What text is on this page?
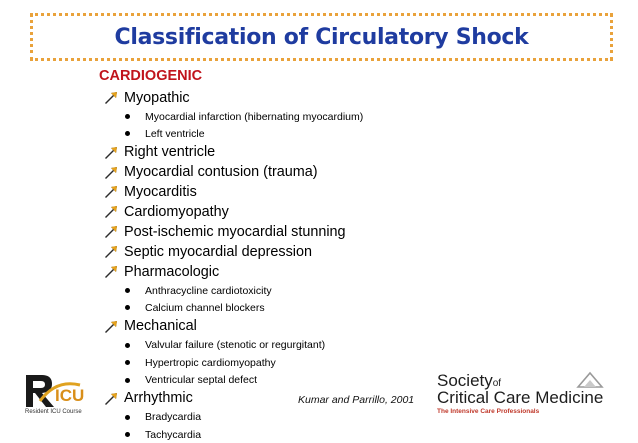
Classification of Circulatory Shock
CARDIOGENIC
Myopathic
Myocardial infarction (hibernating myocardium)
Left ventricle
Right ventricle
Myocardial contusion (trauma)
Myocarditis
Cardiomyopathy
Post-ischemic myocardial stunning
Septic myocardial depression
Pharmacologic
Anthracycline cardiotoxicity
Calcium channel blockers
Mechanical
Valvular failure (stenotic or regurgitant)
Hypertropic cardiomyopathy
Ventricular septal defect
Arrhythmic
Bradycardia
Tachycardia
Kumar and Parrillo, 2001
ICU
Resident ICU Course
Societyof
Critical Care Medicine
The Intensive Care Professionals
